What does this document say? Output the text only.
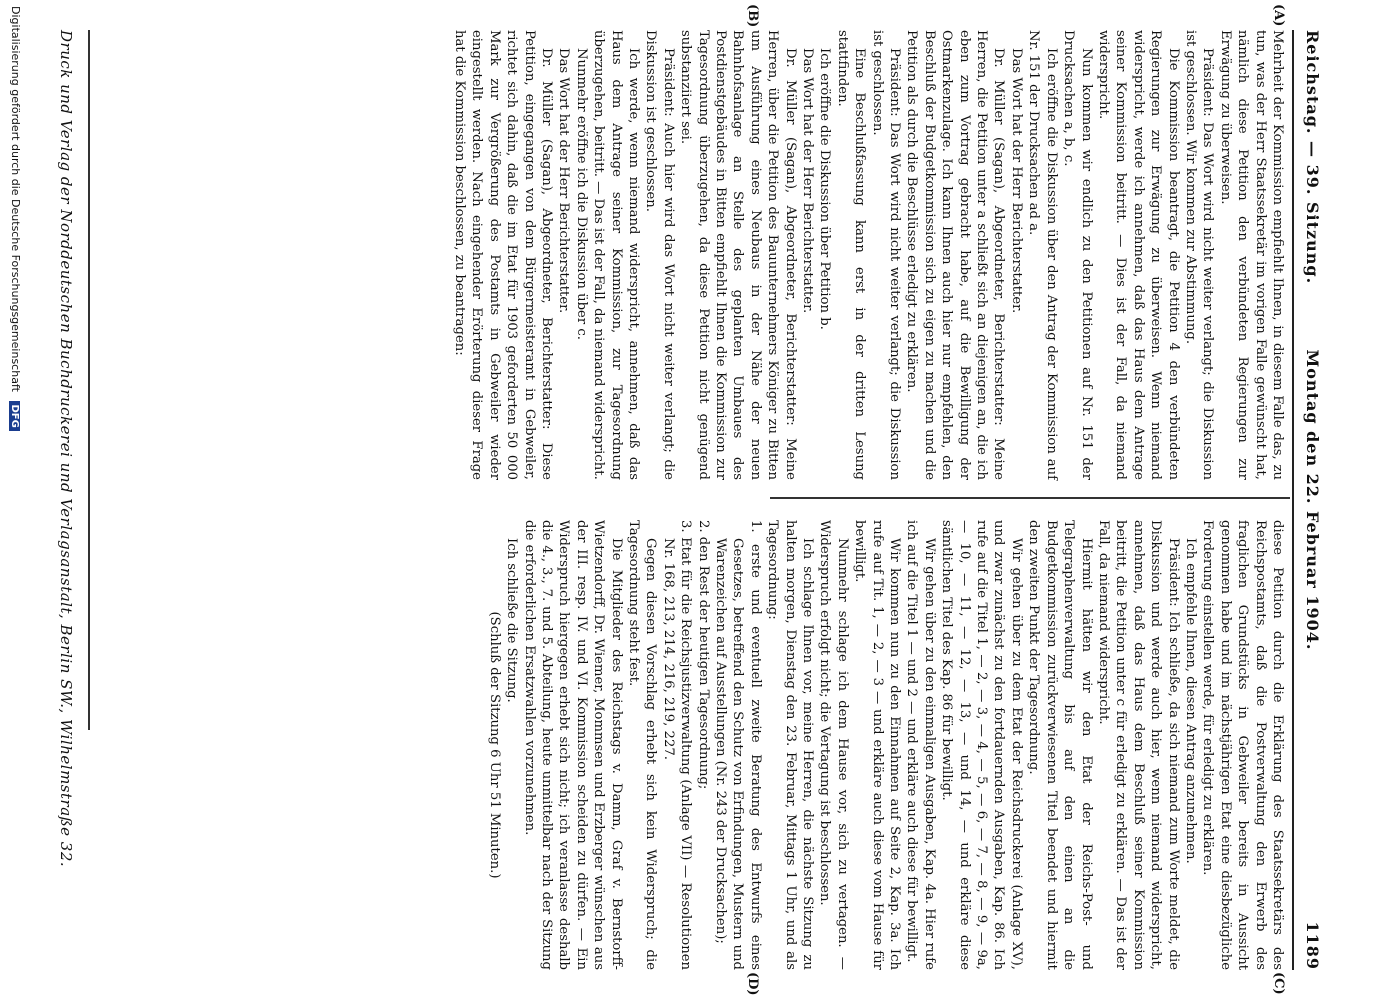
Reichstag. — 39. Sitzung.
Montag den 22. Februar 1904.
1189
(A)
(B)
(C)
(D)

Mehrheit der Kommission empfiehlt Ihnen, in diesem Falle das, zu tun, was der Herr Staatssekretär im vorigen Falle gewünscht hat, nämlich diese Petition den verbündeten Regierungen zur Erwägung zu überweisen.

Präsident: Das Wort wird nicht weiter verlangt; die Diskussion ist geschlossen. Wir kommen zur Abstimmung.

Die Kommission beantragt, die Petition 4 den verbündeten Regierungen zur Erwägung zu überweisen. Wenn niemand widerspricht, werde ich annehmen, daß das Haus dem Antrage seiner Kommission beitritt. — Dies ist der Fall, da niemand widerspricht.

Nun kommen wir endlich zu den Petitionen auf Nr. 151 der Drucksachen a, b, c.

Ich eröffne die Diskussion über den Antrag der Kommission auf Nr. 151 der Drucksachen ad a.

Das Wort hat der Herr Berichterstatter.

Dr. Müller (Sagan), Abgeordneter, Berichterstatter: Meine Herren, die Petition unter a schließt sich an diejenigen an, die ich eben zum Vortrag gebracht habe, auf die Bewilligung der Ostmarkenzulage. Ich kann Ihnen auch hier nur empfehlen, den Beschluß der Budgetkommission sich zu eigen zu machen und die Petition als durch die Beschlüsse erledigt zu erklären.

Präsident: Das Wort wird nicht weiter verlangt; die Diskussion ist geschlossen.

Eine Beschlußfassung kann erst in der dritten Lesung stattfinden.

Ich eröffne die Diskussion über Petition b.

Das Wort hat der Herr Berichterstatter.

Dr. Müller (Sagan), Abgeordneter, Berichterstatter: Meine Herren, über die Petition des Bauunternehmers Königer zu Bitten um Ausführung eines Neubaus in der Nähe der neuen Bahnhofsanlage an Stelle des geplanten Umbaues des Postdienstgebäudes in Bitten empfiehlt Ihnen die Kommission zur Tagesordnung überzugehen, da diese Petition nicht genügend substanziiert sei.

Präsident: Auch hier wird das Wort nicht weiter verlangt; die Diskussion ist geschlossen.

Ich werde, wenn niemand widerspricht, annehmen, daß das Haus dem Antrage seiner Kommission, zur Tagesordnung überzugehen, beitritt. — Das ist der Fall, da niemand widerspricht.

Nunmehr eröffne ich die Diskussion über c.

Das Wort hat der Herr Berichterstatter.

Dr. Müller (Sagan), Abgeordneter, Berichterstatter: Diese Petition, eingegangen von dem Bürgermeisteramt in Gebweiler, richtet sich dahin, daß die im Etat für 1903 geforderten 50 000 Mark zur Vergrößerung des Postamts in Gebweiler wieder eingestellt werden. Nach eingehender Erörterung dieser Frage hat die Kommission beschlossen, zu beantragen:

diese Petition durch die Erklärung des Staatssekretärs des Reichspostamts, daß die Postverwaltung den Erwerb des fraglichen Grundstücks in Gebweiler bereits in Aussicht genommen habe und im nächstjährigen Etat eine diesbezügliche Forderung einstellen werde, für erledigt zu erklären.

Ich empfehle Ihnen, diesen Antrag anzunehmen.

Präsident: Ich schließe, da sich niemand zum Worte meldet, die Diskussion und werde auch hier, wenn niemand widerspricht, annehmen, daß das Haus dem Beschluß seiner Kommission beitritt, die Petition unter c für erledigt zu erklären. — Das ist der Fall, da niemand widerspricht.

Hiermit hätten wir den Etat der Reichs-Post- und Telegraphenverwaltung bis auf den einen an die Budgetkommission zurückverwiesenen Titel beendet und hiermit den zweiten Punkt der Tagesordnung.

Wir gehen über zu dem Etat der Reichsdruckerei (Anlage XV), und zwar zunächst zu den fortdauernden Ausgaben, Kap. 86. Ich rufe auf die Titel 1, — 2, — 3, — 4, — 5, — 6, — 7, — 8, — 9, — 9a, — 10, — 11, — 12, — 13, — und 14, — und erkläre diese sämtlichen Titel des Kap. 86 für bewilligt.

Wir gehen über zu den einmaligen Ausgaben, Kap. 4a. Hier rufe ich auf die Titel 1 — und 2 — und erkläre auch diese für bewilligt.

Wir kommen nun zu den Einnahmen auf Seite 2, Kap. 3a. Ich rufe auf Tit. 1, — 2, — 3 — und erkläre auch diese vom Hause für bewilligt.

Nunmehr schlage ich dem Hause vor, sich zu vertagen. — Widerspruch erfolgt nicht; die Vertagung ist beschlossen.

Ich schlage Ihnen vor, meine Herren, die nächste Sitzung zu halten morgen, Dienstag den 23. Februar, Mittags 1 Uhr, und als Tagesordnung:

1. erste und eventuell zweite Beratung des Entwurfs eines Gesetzes, betreffend den Schutz von Erfindungen, Mustern und Warenzeichen auf Ausstellungen (Nr. 243 der Drucksachen);

2. den Rest der heutigen Tagesordnung;

3. Etat für die Reichsjustizverwaltung (Anlage VII) — Resolutionen Nr. 168, 213, 214, 216, 219, 227.

Gegen diesen Vorschlag erhebt sich kein Widerspruch; die Tagesordnung steht fest.

Die Mitglieder des Reichstags v. Damm, Graf v. Bernstorff-Wietzendorff, Dr. Wiemer, Mommsen und Erzberger wünschen aus der III. resp. IV. und VI. Kommission scheiden zu dürfen. — Ein Widerspruch hiergegen erhebt sich nicht; ich veranlasse deshalb die 4., 3., 7. und 5. Abteilung, heute unmittelbar nach der Sitzung die erforderlichen Ersatzwahlen vorzunehmen.

Ich schließe die Sitzung.

(Schluß der Sitzung 6 Uhr 51 Minuten.)

Druck und Verlag der Norddeutschen Buchdruckerei und Verlagsanstalt, Berlin SW., Wilhelmstraße 32.
Digitalisierung gefördert durch die Deutsche Forschungsgemeinschaft DFG
